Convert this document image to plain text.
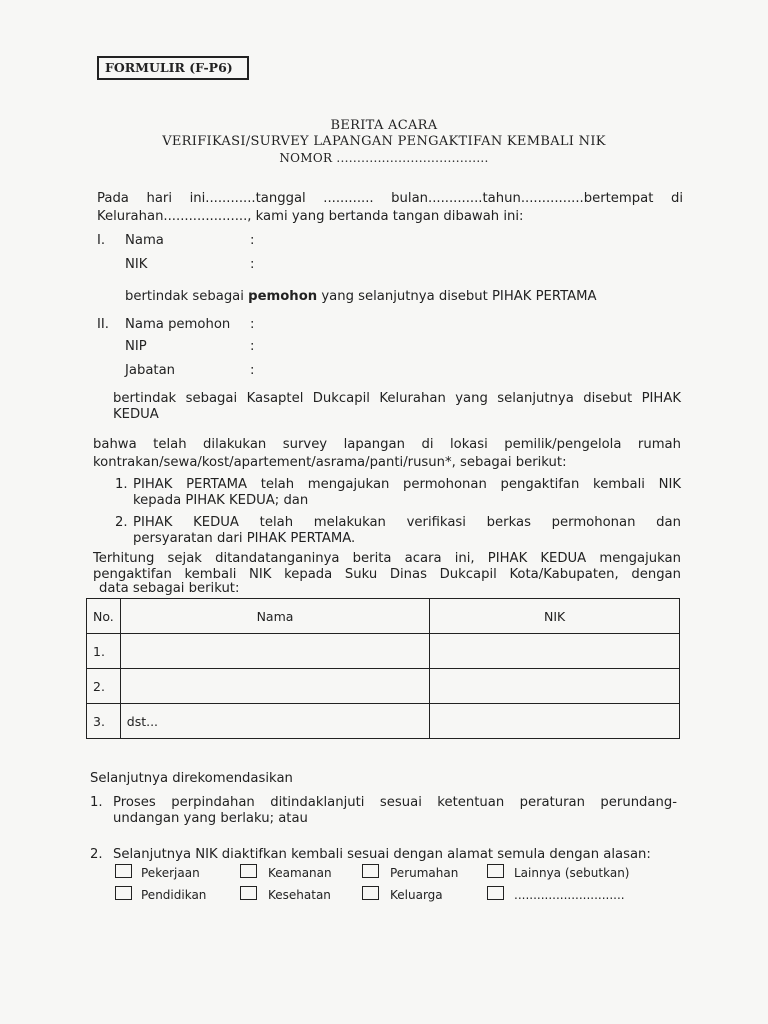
FORMULIR (F-P6)
BERITA ACARA
VERIFIKASI/SURVEY LAPANGAN PENGAKTIFAN KEMBALI NIK
NOMOR .....................................
Pada hari ini............tanggal ............ bulan.............tahun...............bertempat di
Kelurahan...................., kami yang bertanda tangan dibawah ini:
I. Nama	:
NIK	:
bertindak sebagai pemohon yang selanjutnya disebut PIHAK PERTAMA
II. Nama pemohon :
NIP	:
Jabatan	:
bertindak sebagai Kasaptel Dukcapil Kelurahan yang selanjutnya disebut PIHAK
KEDUA
bahwa telah dilakukan survey lapangan di lokasi pemilik/pengelola rumah
kontrakan/sewa/kost/apartement/asrama/panti/rusun*, sebagai berikut:
1. PIHAK PERTAMA telah mengajukan permohonan pengaktifan kembali NIK
kepada PIHAK KEDUA; dan
2. PIHAK KEDUA telah melakukan verifikasi berkas permohonan dan
persyaratan dari PIHAK PERTAMA.
Terhitung sejak ditandatanganinya berita acara ini, PIHAK KEDUA mengajukan
pengaktifan kembali NIK kepada Suku Dinas Dukcapil Kota/Kabupaten, dengan
data sebagai berikut:
No.	Nama	NIK
1.		
2.		
3.	dst...	
Selanjutnya direkomendasikan
1. Proses perpindahan ditindaklanjuti sesuai ketentuan peraturan perundang-
undangan yang berlaku; atau
2. Selanjutnya NIK diaktifkan kembali sesuai dengan alamat semula dengan alasan:
Pekerjaan	Keamanan	Perumahan	Lainnya (sebutkan)
Pendidikan	Kesehatan	Keluarga	.............................
